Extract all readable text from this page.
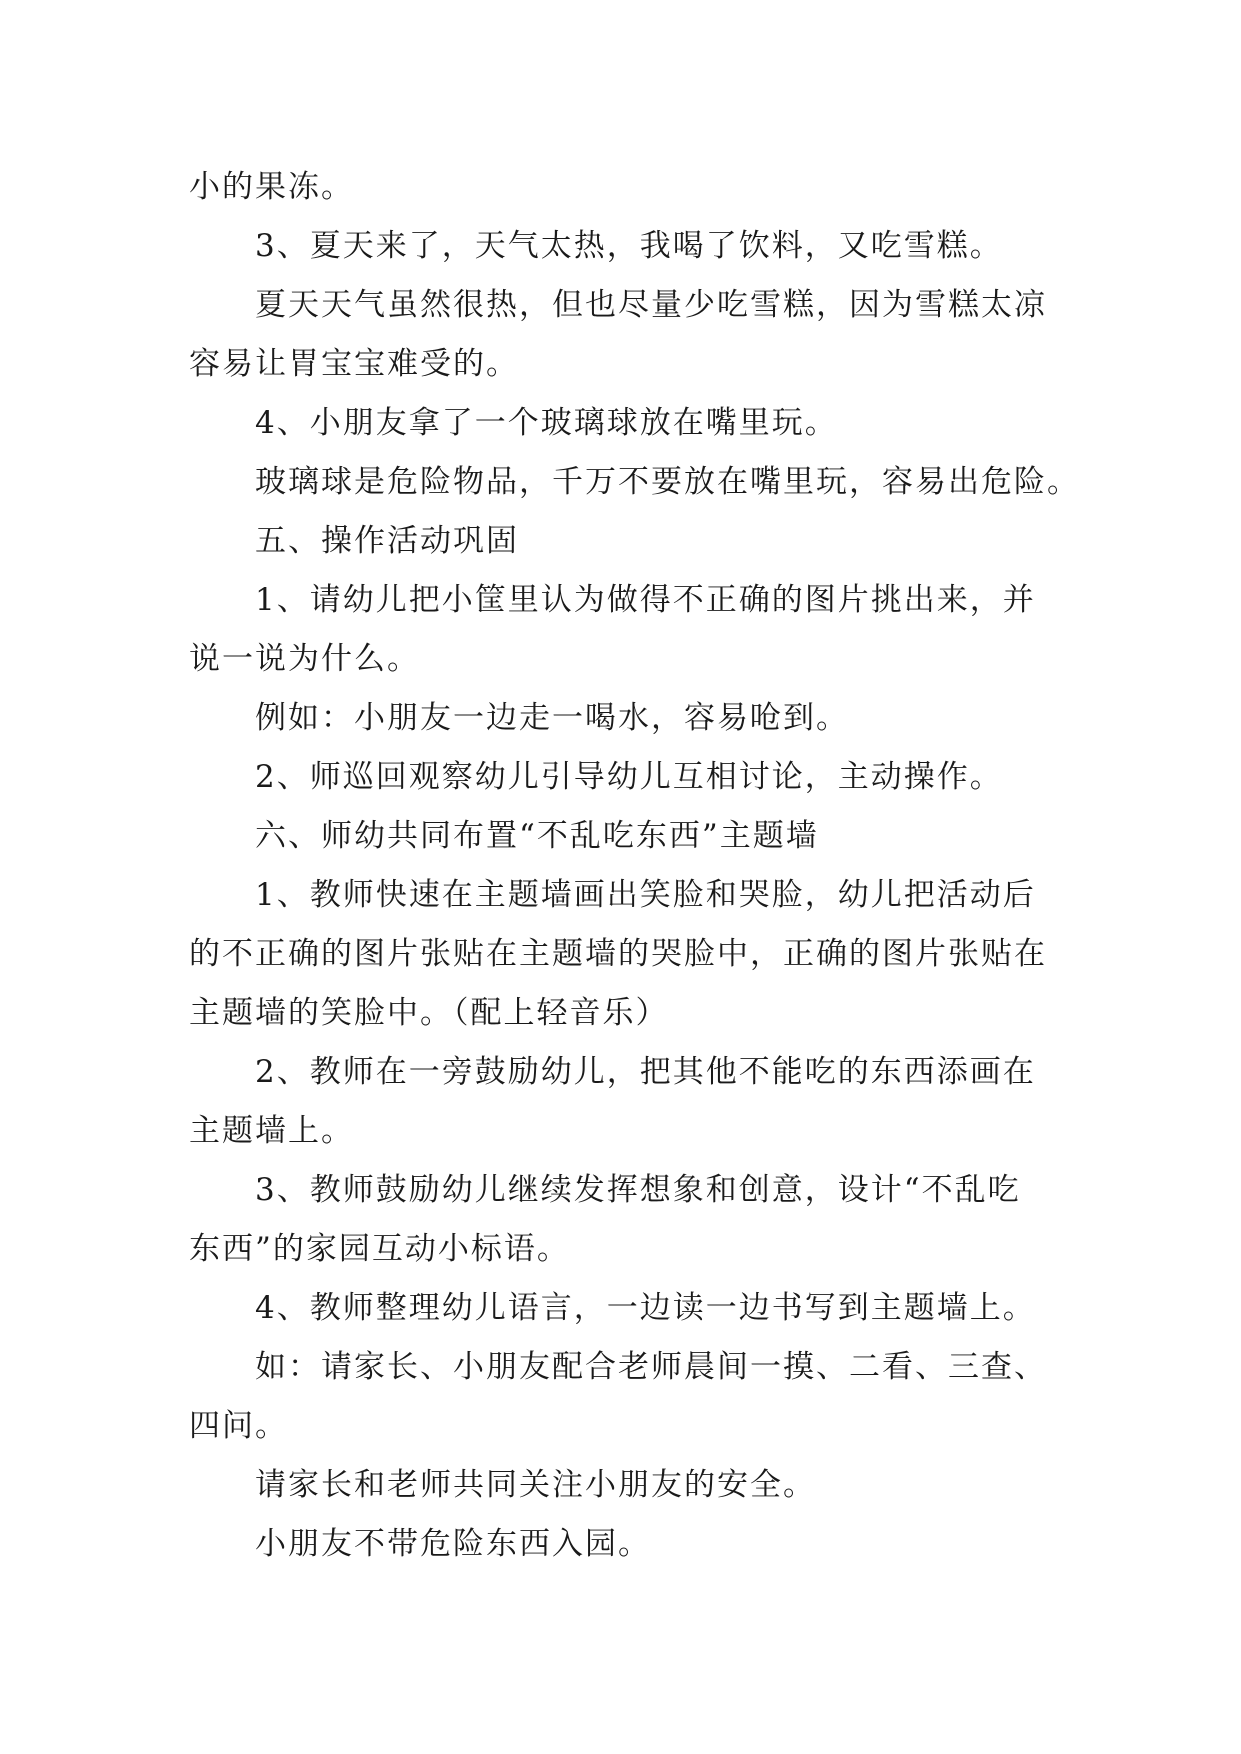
小的果冻。
3、夏天来了，天气太热，我喝了饮料，又吃雪糕。
夏天天气虽然很热，但也尽量少吃雪糕，因为雪糕太凉
容易让胃宝宝难受的。
4、小朋友拿了一个玻璃球放在嘴里玩。
玻璃球是危险物品，千万不要放在嘴里玩，容易出危险。
五、操作活动巩固
1、请幼儿把小筐里认为做得不正确的图片挑出来，并
说一说为什么。
例如：小朋友一边走一喝水，容易呛到。
2、师巡回观察幼儿引导幼儿互相讨论，主动操作。
六、师幼共同布置“不乱吃东西”主题墙
1、教师快速在主题墙画出笑脸和哭脸，幼儿把活动后
的不正确的图片张贴在主题墙的哭脸中，正确的图片张贴在
主题墙的笑脸中。（配上轻音乐）
2、教师在一旁鼓励幼儿，把其他不能吃的东西添画在
主题墙上。
3、教师鼓励幼儿继续发挥想象和创意，设计“不乱吃
东西”的家园互动小标语。
4、教师整理幼儿语言，一边读一边书写到主题墙上。
如：请家长、小朋友配合老师晨间一摸、二看、三查、
四问。
请家长和老师共同关注小朋友的安全。
小朋友不带危险东西入园。
